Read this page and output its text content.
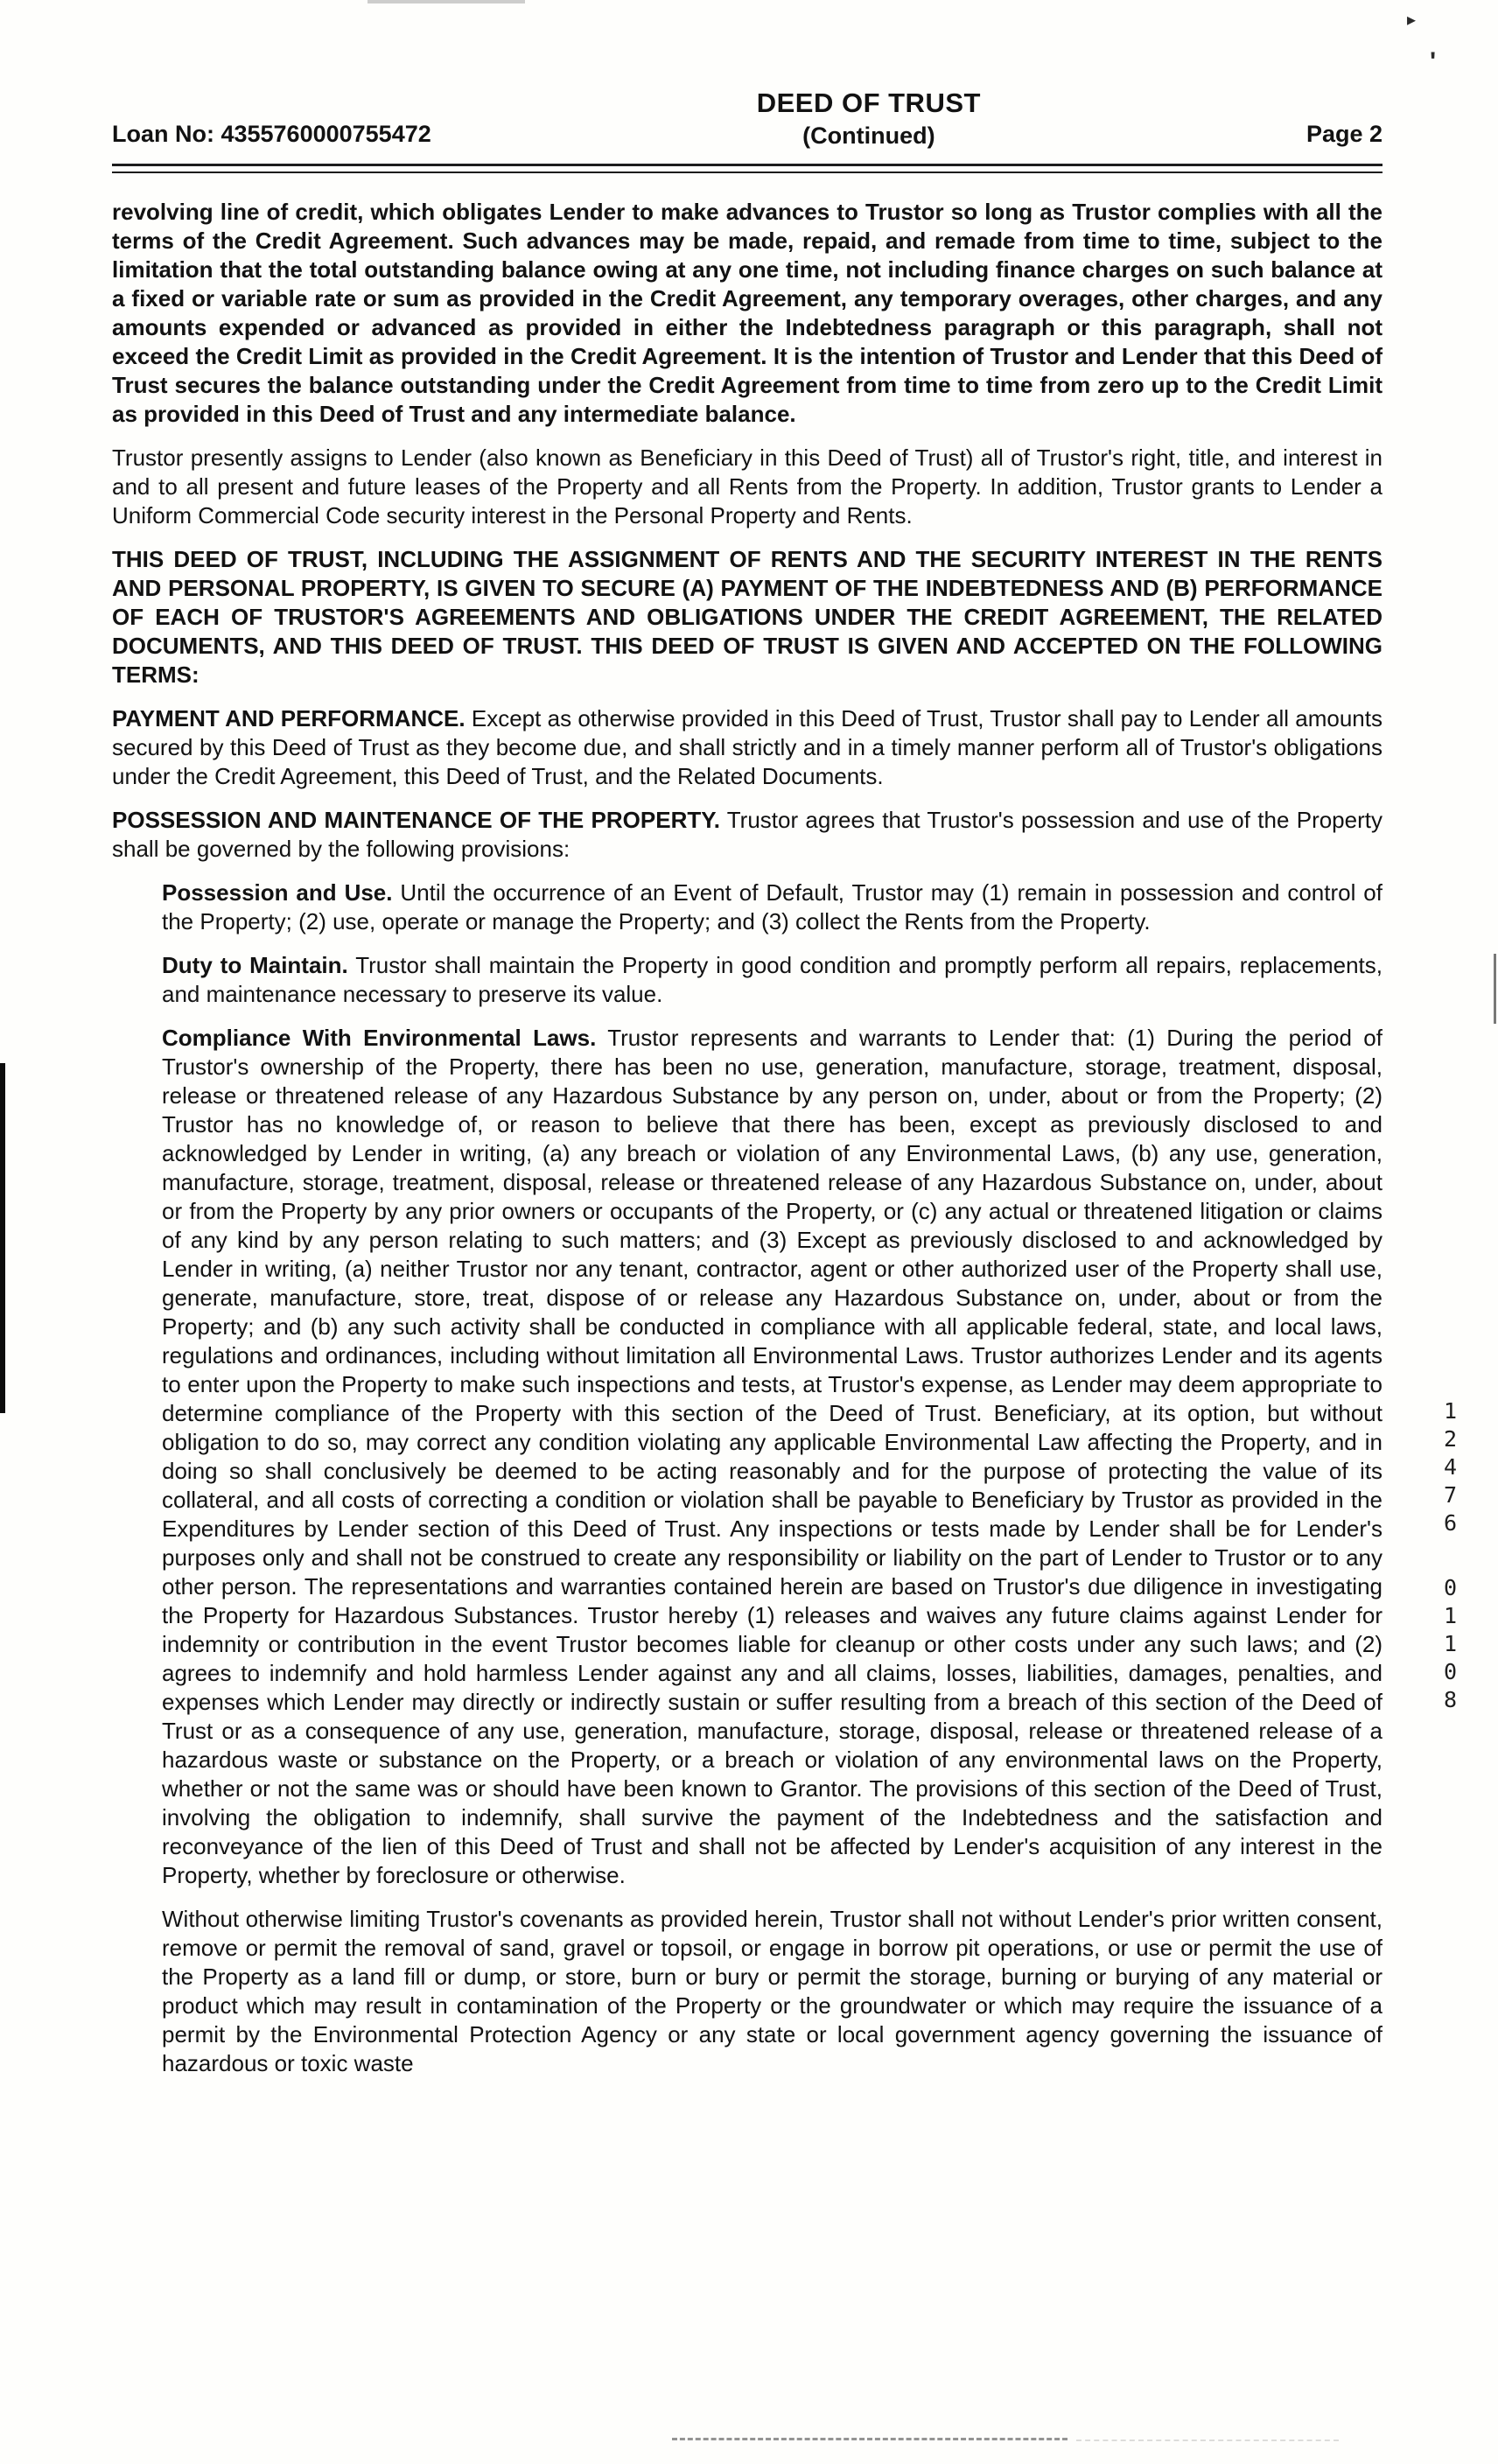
Loan No: 4355760000755472
DEED OF TRUST
(Continued)	Page 2

revolving line of credit, which obligates Lender to make advances to Trustor so long as Trustor complies with all the terms of the Credit Agreement. Such advances may be made, repaid, and remade from time to time, subject to the limitation that the total outstanding balance owing at any one time, not including finance charges on such balance at a fixed or variable rate or sum as provided in the Credit Agreement, any temporary overages, other charges, and any amounts expended or advanced as provided in either the Indebtedness paragraph or this paragraph, shall not exceed the Credit Limit as provided in the Credit Agreement. It is the intention of Trustor and Lender that this Deed of Trust secures the balance outstanding under the Credit Agreement from time to time from zero up to the Credit Limit as provided in this Deed of Trust and any intermediate balance.

Trustor presently assigns to Lender (also known as Beneficiary in this Deed of Trust) all of Trustor's right, title, and interest in and to all present and future leases of the Property and all Rents from the Property. In addition, Trustor grants to Lender a Uniform Commercial Code security interest in the Personal Property and Rents.

THIS DEED OF TRUST, INCLUDING THE ASSIGNMENT OF RENTS AND THE SECURITY INTEREST IN THE RENTS AND PERSONAL PROPERTY, IS GIVEN TO SECURE (A) PAYMENT OF THE INDEBTEDNESS AND (B) PERFORMANCE OF EACH OF TRUSTOR'S AGREEMENTS AND OBLIGATIONS UNDER THE CREDIT AGREEMENT, THE RELATED DOCUMENTS, AND THIS DEED OF TRUST. THIS DEED OF TRUST IS GIVEN AND ACCEPTED ON THE FOLLOWING TERMS:

PAYMENT AND PERFORMANCE. Except as otherwise provided in this Deed of Trust, Trustor shall pay to Lender all amounts secured by this Deed of Trust as they become due, and shall strictly and in a timely manner perform all of Trustor's obligations under the Credit Agreement, this Deed of Trust, and the Related Documents.

POSSESSION AND MAINTENANCE OF THE PROPERTY. Trustor agrees that Trustor's possession and use of the Property shall be governed by the following provisions:

Possession and Use. Until the occurrence of an Event of Default, Trustor may (1) remain in possession and control of the Property; (2) use, operate or manage the Property; and (3) collect the Rents from the Property.

Duty to Maintain. Trustor shall maintain the Property in good condition and promptly perform all repairs, replacements, and maintenance necessary to preserve its value.

Compliance With Environmental Laws. Trustor represents and warrants to Lender that: (1) During the period of Trustor's ownership of the Property, there has been no use, generation, manufacture, storage, treatment, disposal, release or threatened release of any Hazardous Substance by any person on, under, about or from the Property; (2) Trustor has no knowledge of, or reason to believe that there has been, except as previously disclosed to and acknowledged by Lender in writing, (a) any breach or violation of any Environmental Laws, (b) any use, generation, manufacture, storage, treatment, disposal, release or threatened release of any Hazardous Substance on, under, about or from the Property by any prior owners or occupants of the Property, or (c) any actual or threatened litigation or claims of any kind by any person relating to such matters; and (3) Except as previously disclosed to and acknowledged by Lender in writing, (a) neither Trustor nor any tenant, contractor, agent or other authorized user of the Property shall use, generate, manufacture, store, treat, dispose of or release any Hazardous Substance on, under, about or from the Property; and (b) any such activity shall be conducted in compliance with all applicable federal, state, and local laws, regulations and ordinances, including without limitation all Environmental Laws. Trustor authorizes Lender and its agents to enter upon the Property to make such inspections and tests, at Trustor's expense, as Lender may deem appropriate to determine compliance of the Property with this section of the Deed of Trust. Beneficiary, at its option, but without obligation to do so, may correct any condition violating any applicable Environmental Law affecting the Property, and in doing so shall conclusively be deemed to be acting reasonably and for the purpose of protecting the value of its collateral, and all costs of correcting a condition or violation shall be payable to Beneficiary by Trustor as provided in the Expenditures by Lender section of this Deed of Trust. Any inspections or tests made by Lender shall be for Lender's purposes only and shall not be construed to create any responsibility or liability on the part of Lender to Trustor or to any other person. The representations and warranties contained herein are based on Trustor's due diligence in investigating the Property for Hazardous Substances. Trustor hereby (1) releases and waives any future claims against Lender for indemnity or contribution in the event Trustor becomes liable for cleanup or other costs under any such laws; and (2) agrees to indemnify and hold harmless Lender against any and all claims, losses, liabilities, damages, penalties, and expenses which Lender may directly or indirectly sustain or suffer resulting from a breach of this section of the Deed of Trust or as a consequence of any use, generation, manufacture, storage, disposal, release or threatened release of a hazardous waste or substance on the Property, or a breach or violation of any environmental laws on the Property, whether or not the same was or should have been known to Grantor. The provisions of this section of the Deed of Trust, involving the obligation to indemnify, shall survive the payment of the Indebtedness and the satisfaction and reconveyance of the lien of this Deed of Trust and shall not be affected by Lender's acquisition of any interest in the Property, whether by foreclosure or otherwise.

Without otherwise limiting Trustor's covenants as provided herein, Trustor shall not without Lender's prior written consent, remove or permit the removal of sand, gravel or topsoil, or engage in borrow pit operations, or use or permit the use of the Property as a land fill or dump, or store, burn or bury or permit the storage, burning or burying of any material or product which may result in contamination of the Property or the groundwater or which may require the issuance of a permit by the Environmental Protection Agency or any state or local government agency governing the issuance of hazardous or toxic waste

▸
'
12476
01108
